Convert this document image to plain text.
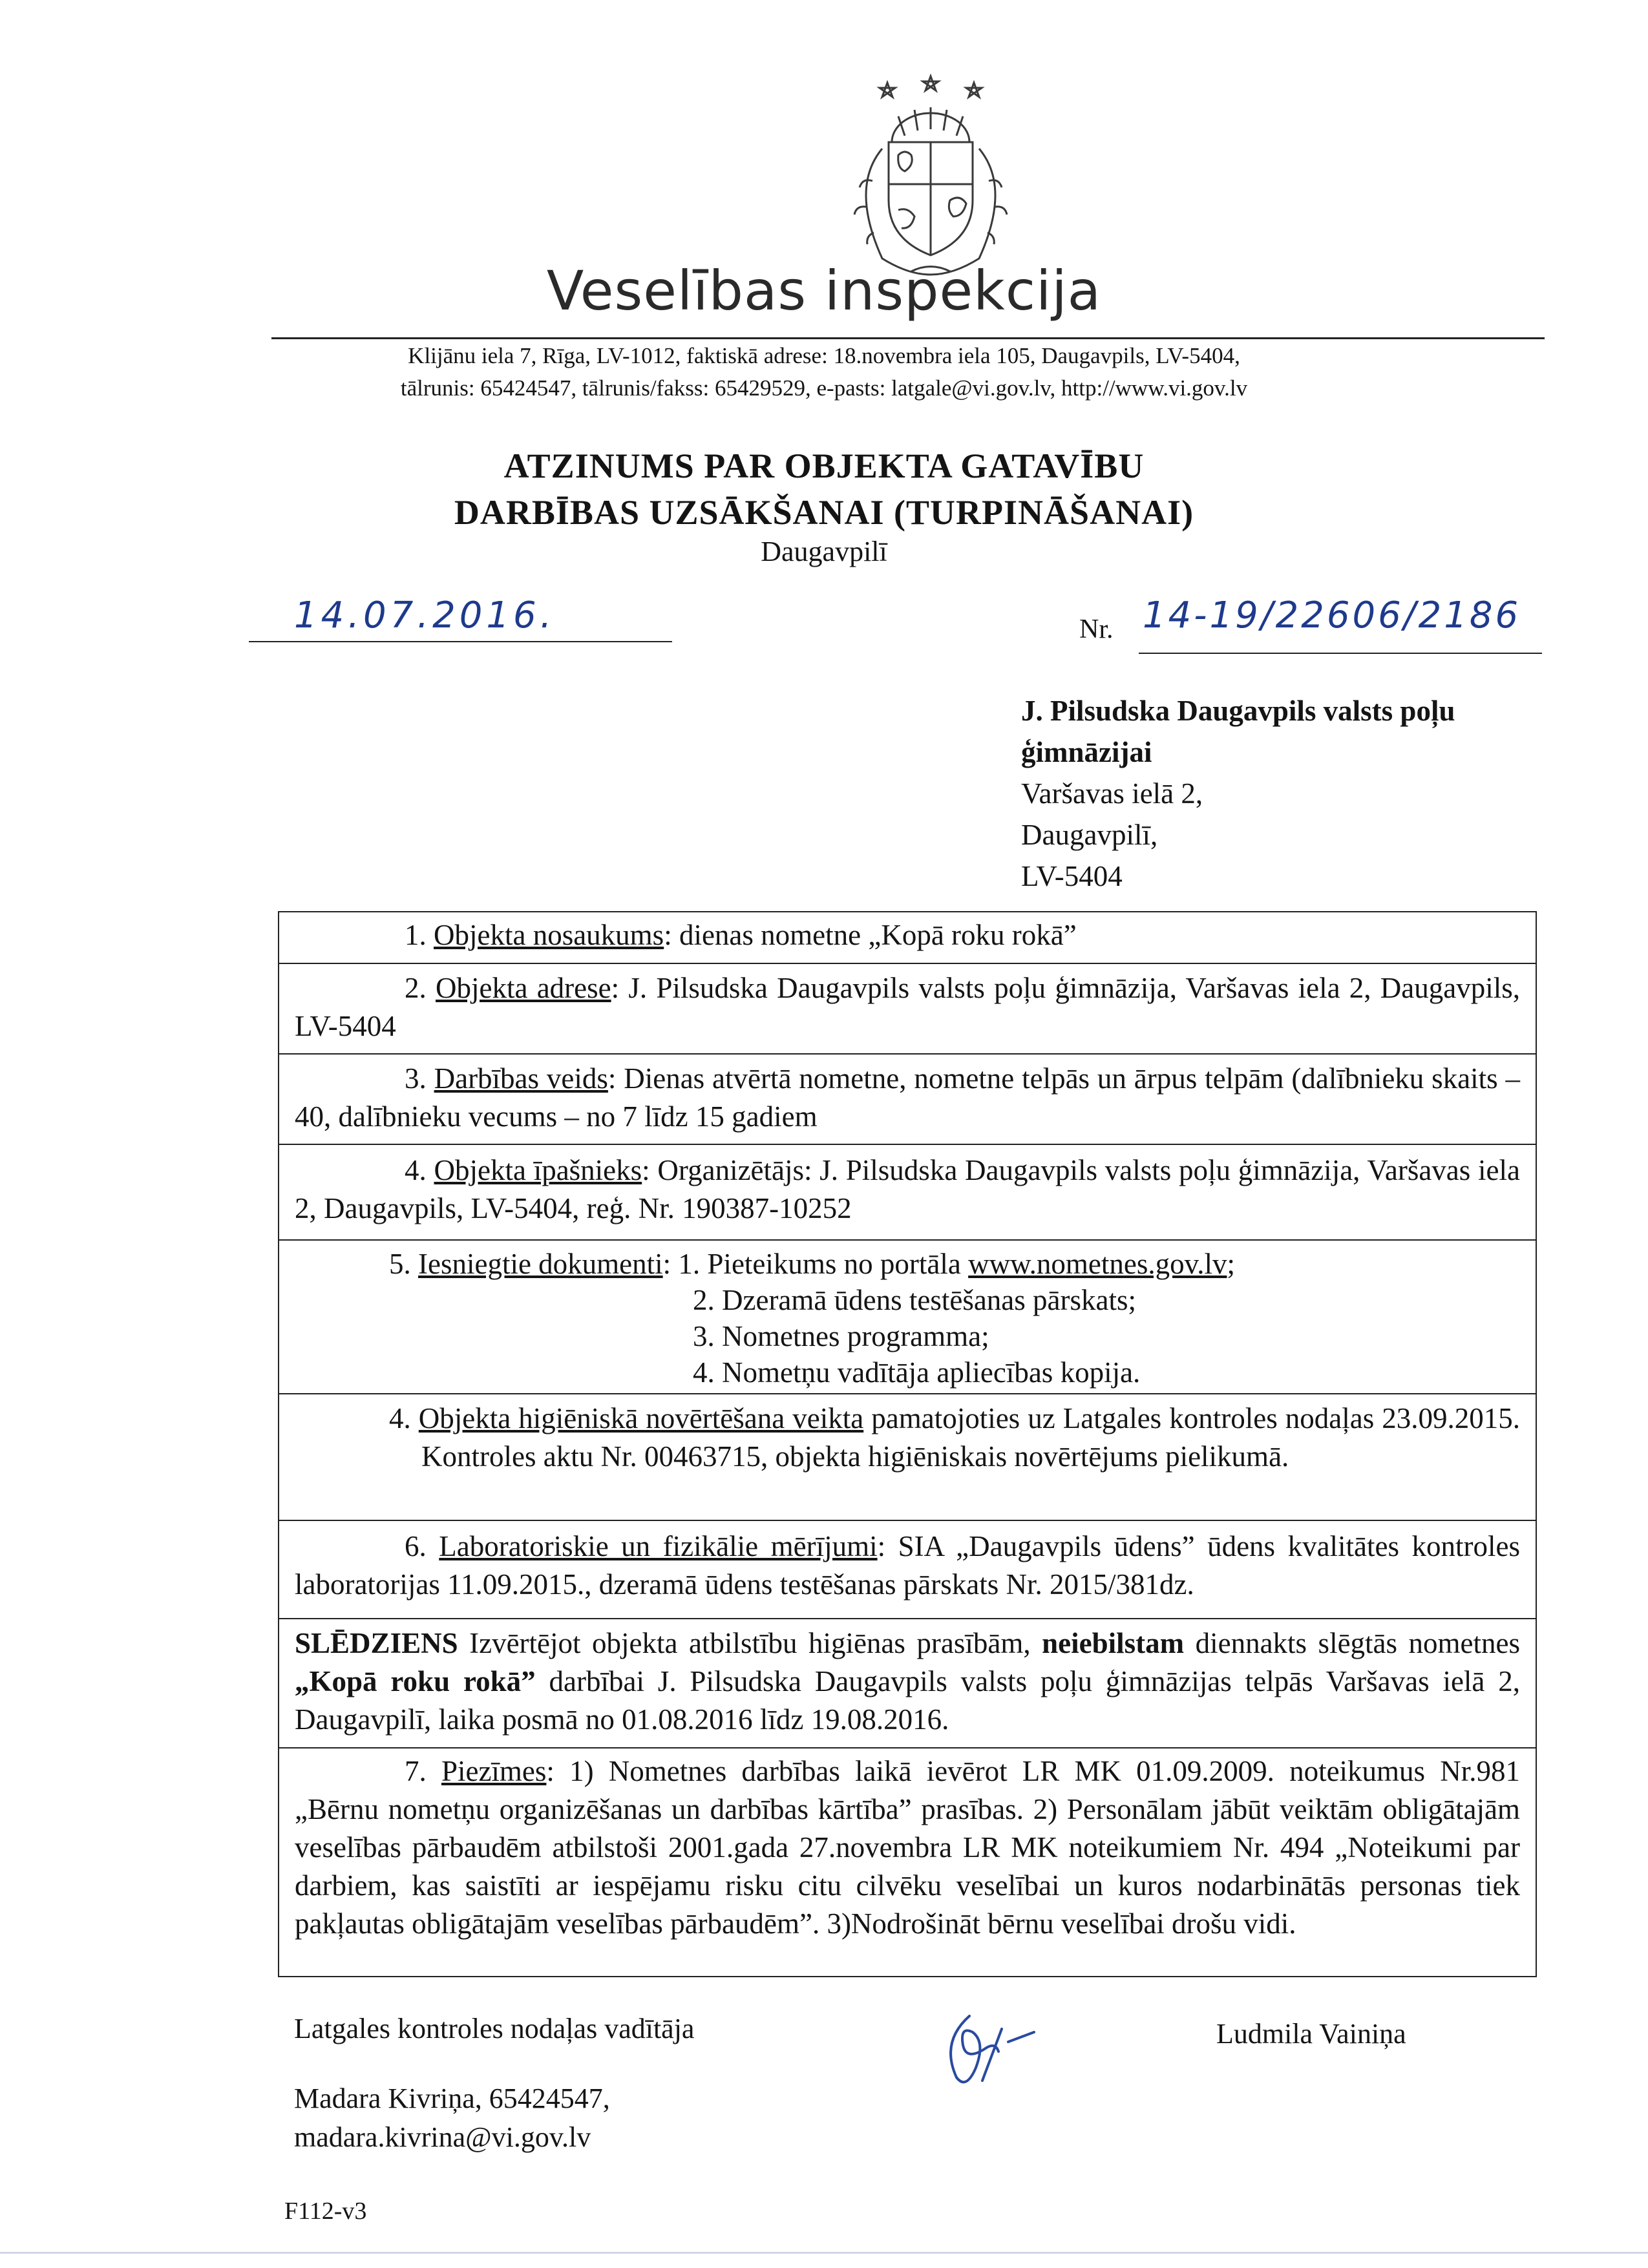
Veselības inspekcija
Klijānu iela 7, Rīga, LV-1012, faktiskā adrese: 18.novembra iela 105, Daugavpils, LV-5404,
tālrunis: 65424547, tālrunis/fakss: 65429529, e-pasts: latgale@vi.gov.lv, http://www.vi.gov.lv
ATZINUMS PAR OBJEKTA GATAVĪBU
DARBĪBAS UZSĀKŠANAI (TURPINĀŠANAI)
Daugavpilī
14.07.2016.	Nr. 14-19/22606/2186
J. Pilsudska Daugavpils valsts poļu
ģimnāzijai
Varšavas ielā 2,
Daugavpilī,
LV-5404
1. Objekta nosaukums: dienas nometne „Kopā roku rokā”
2. Objekta adrese: J. Pilsudska Daugavpils valsts poļu ģimnāzija, Varšavas iela 2, Daugavpils, LV-5404
3. Darbības veids: Dienas atvērtā nometne, nometne telpās un ārpus telpām (dalībnieku skaits – 40, dalībnieku vecums – no 7 līdz 15 gadiem
4. Objekta īpašnieks: Organizētājs: J. Pilsudska Daugavpils valsts poļu ģimnāzija, Varšavas iela 2, Daugavpils, LV-5404, reģ. Nr. 190387-10252
5. Iesniegtie dokumenti: 1. Pieteikums no portāla www.nometnes.gov.lv;
2. Dzeramā ūdens testēšanas pārskats;
3. Nometnes programma;
4. Nometņu vadītāja apliecības kopija.
4. Objekta higiēniskā novērtēšana veikta pamatojoties uz Latgales kontroles nodaļas 23.09.2015. Kontroles aktu Nr. 00463715, objekta higiēniskais novērtējums pielikumā.
6. Laboratoriskie un fizikālie mērījumi: SIA „Daugavpils ūdens” ūdens kvalitātes kontroles laboratorijas 11.09.2015., dzeramā ūdens testēšanas pārskats Nr. 2015/381dz.
SLĒDZIENS Izvērtējot objekta atbilstību higiēnas prasībām, neiebilstam diennakts slēgtās nometnes „Kopā roku rokā” darbībai J. Pilsudska Daugavpils valsts poļu ģimnāzijas telpās Varšavas ielā 2, Daugavpilī, laika posmā no 01.08.2016 līdz 19.08.2016.
7. Piezīmes: 1) Nometnes darbības laikā ievērot LR MK 01.09.2009. noteikumus Nr.981 „Bērnu nometņu organizēšanas un darbības kārtība” prasības. 2) Personālam jābūt veiktām obligātajām veselības pārbaudēm atbilstoši 2001.gada 27.novembra LR MK noteikumiem Nr. 494 „Noteikumi par darbiem, kas saistīti ar iespējamu risku citu cilvēku veselībai un kuros nodarbinātās personas tiek pakļautas obligātajām veselības pārbaudēm”. 3)Nodrošināt bērnu veselībai drošu vidi.
Latgales kontroles nodaļas vadītāja	Ludmila Vainiņa
Madara Kivriņa, 65424547,
madara.kivrina@vi.gov.lv
F112-v3
